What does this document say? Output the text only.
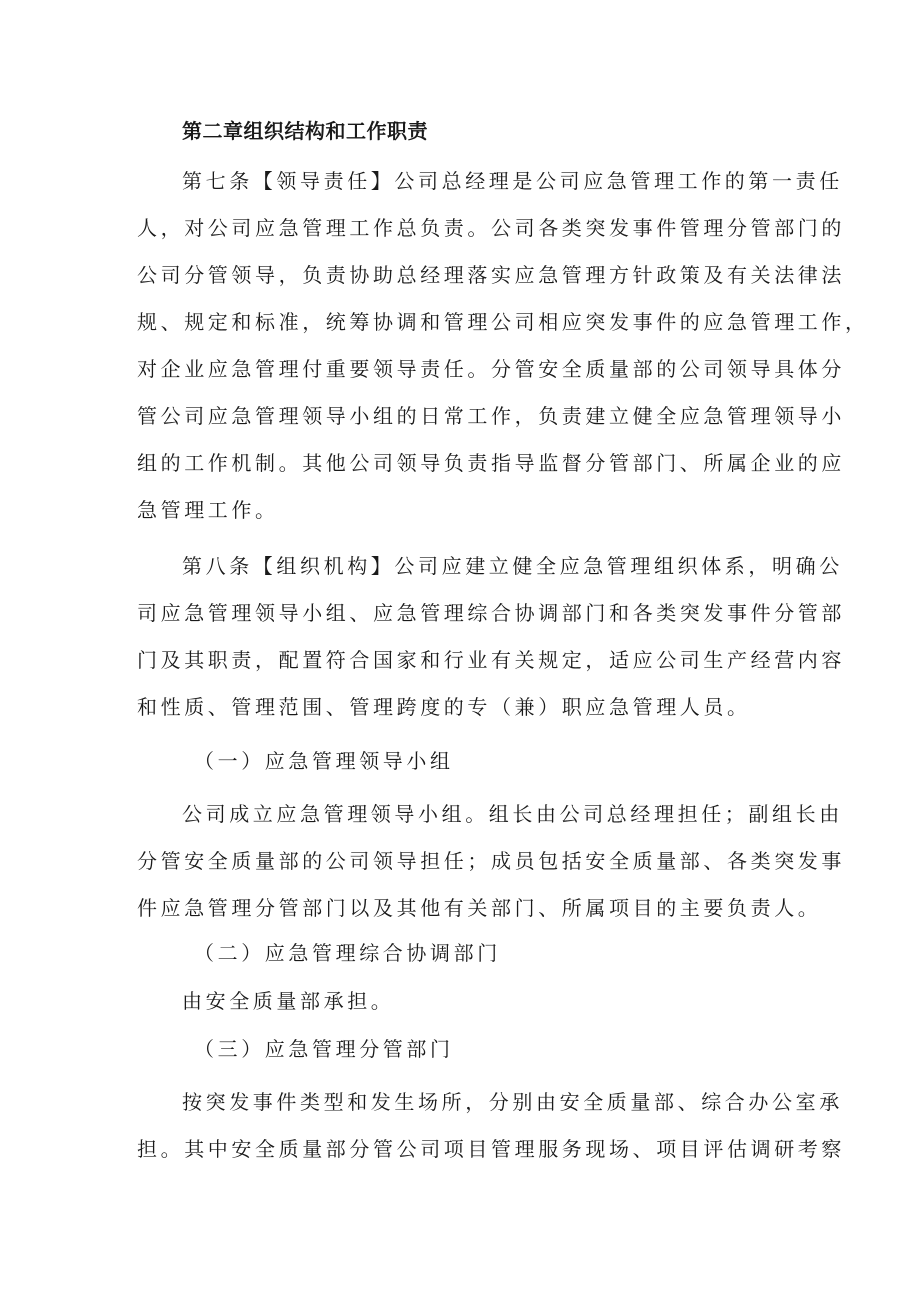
第二章组织结构和工作职责
第七条【领导责任】公司总经理是公司应急管理工作的第一责任
人，对公司应急管理工作总负责。公司各类突发事件管理分管部门的
公司分管领导，负责协助总经理落实应急管理方针政策及有关法律法
规、规定和标准，统筹协调和管理公司相应突发事件的应急管理工作，
对企业应急管理付重要领导责任。分管安全质量部的公司领导具体分
管公司应急管理领导小组的日常工作，负责建立健全应急管理领导小
组的工作机制。其他公司领导负责指导监督分管部门、所属企业的应
急管理工作。
第八条【组织机构】公司应建立健全应急管理组织体系，明确公
司应急管理领导小组、应急管理综合协调部门和各类突发事件分管部
门及其职责，配置符合国家和行业有关规定，适应公司生产经营内容
和性质、管理范围、管理跨度的专（兼）职应急管理人员。
（一）应急管理领导小组
公司成立应急管理领导小组。组长由公司总经理担任；副组长由
分管安全质量部的公司领导担任；成员包括安全质量部、各类突发事
件应急管理分管部门以及其他有关部门、所属项目的主要负责人。
（二）应急管理综合协调部门
由安全质量部承担。
（三）应急管理分管部门
按突发事件类型和发生场所，分别由安全质量部、综合办公室承
担。其中安全质量部分管公司项目管理服务现场、项目评估调研考察
